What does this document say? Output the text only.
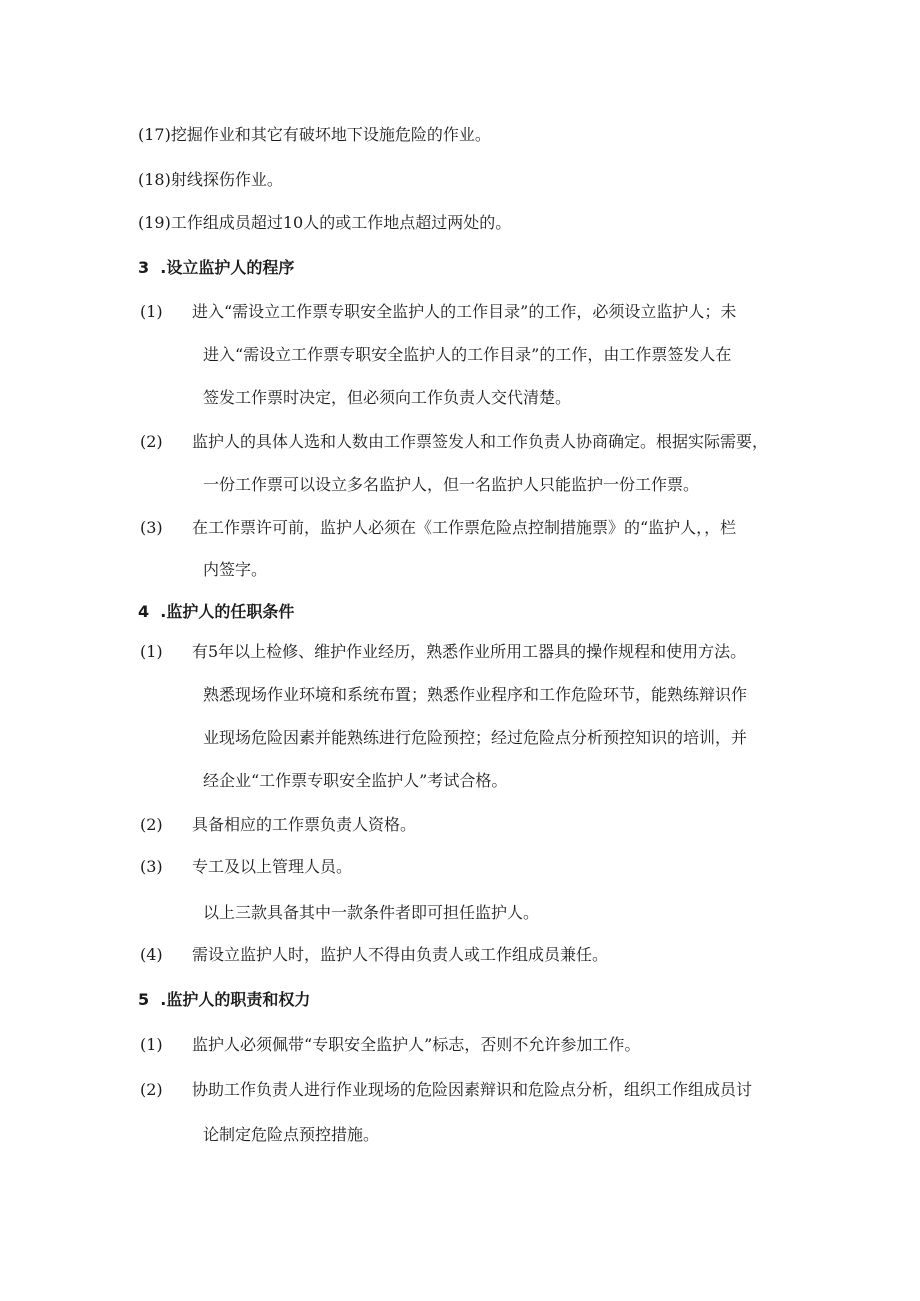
(17)挖掘作业和其它有破坏地下设施危险的作业。
(18)射线探伤作业。
(19)工作组成员超过10人的或工作地点超过两处的。
3  .设立监护人的程序
(1) 进入“需设立工作票专职安全监护人的工作目录”的工作，必须设立监护人；未
进入“需设立工作票专职安全监护人的工作目录”的工作，由工作票签发人在
签发工作票时决定，但必须向工作负责人交代清楚。
(2) 监护人的具体人选和人数由工作票签发人和工作负责人协商确定。根据实际需要，
一份工作票可以设立多名监护人，但一名监护人只能监护一份工作票。
(3) 在工作票许可前，监护人必须在《工作票危险点控制措施票》的“监护人，，栏
内签字。
4  .监护人的任职条件
(1) 有5年以上检修、维护作业经历，熟悉作业所用工器具的操作规程和使用方法。
熟悉现场作业环境和系统布置；熟悉作业程序和工作危险环节，能熟练辩识作
业现场危险因素并能熟练进行危险预控；经过危险点分析预控知识的培训，并
经企业“工作票专职安全监护人”考试合格。
(2) 具备相应的工作票负责人资格。
(3) 专工及以上管理人员。
以上三款具备其中一款条件者即可担任监护人。
(4) 需设立监护人时，监护人不得由负责人或工作组成员兼任。
5  .监护人的职责和权力
(1) 监护人必须佩带“专职安全监护人”标志，否则不允许参加工作。
(2) 协助工作负责人进行作业现场的危险因素辩识和危险点分析，组织工作组成员讨
论制定危险点预控措施。
